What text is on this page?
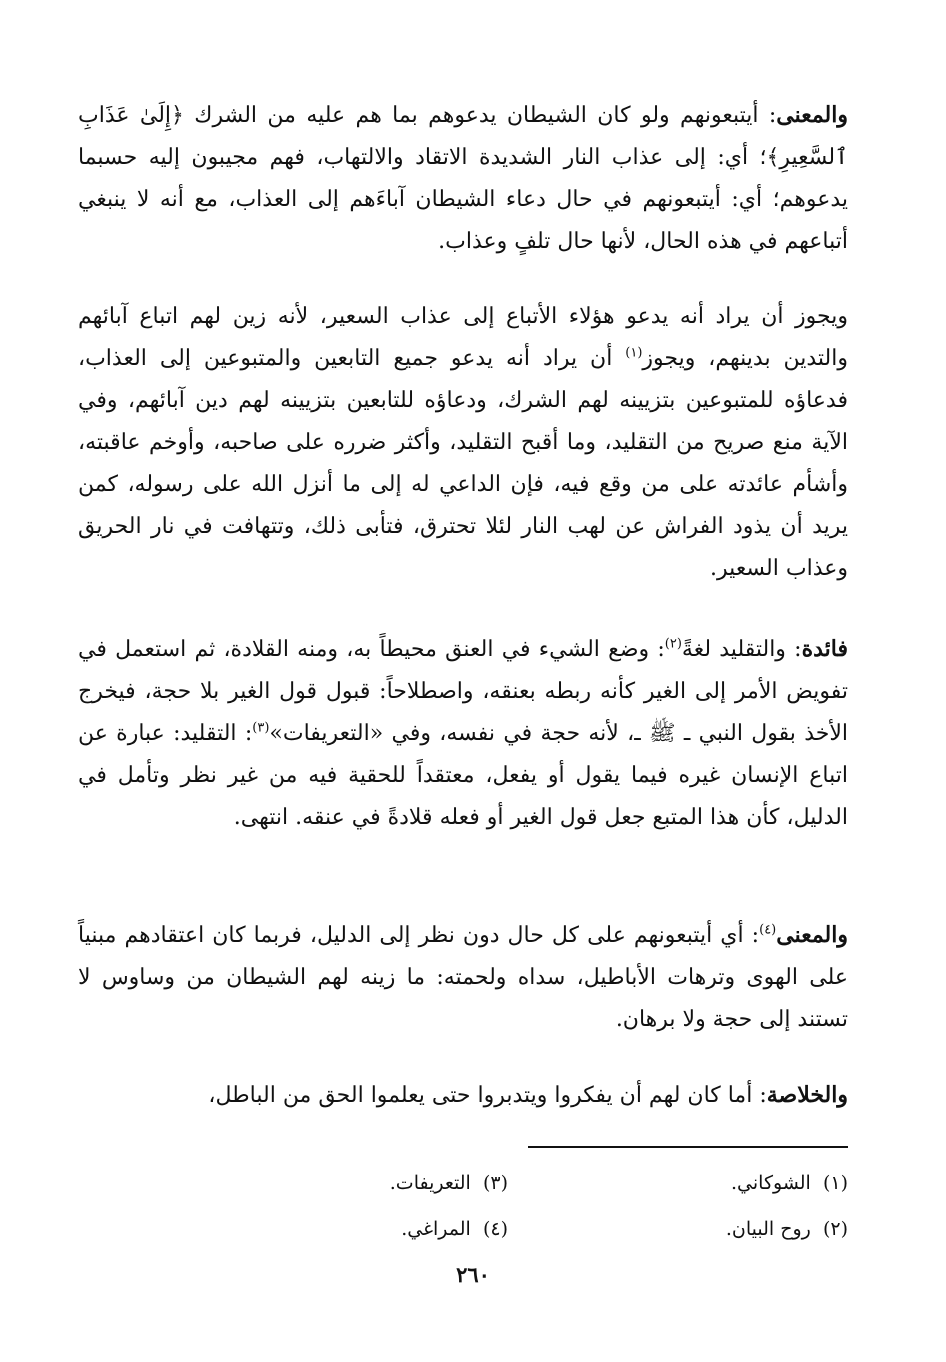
والمعنى: أيتبعونهم ولو كان الشيطان يدعوهم بما هم عليه من الشرك ﴿إِلَىٰ عَذَابِ ٱلسَّعِيرِ﴾؛ أي: إلى عذاب النار الشديدة الاتقاد والالتهاب، فهم مجيبون إليه حسبما يدعوهم؛ أي: أيتبعونهم في حال دعاء الشيطان آباءَهم إلى العذاب، مع أنه لا ينبغي أتباعهم في هذه الحال، لأنها حال تلفٍ وعذاب.

ويجوز أن يراد أنه يدعو هؤلاء الأتباع إلى عذاب السعير، لأنه زين لهم اتباع آبائهم والتدين بدينهم، ويجوز$^{(١)}$ أن يراد أنه يدعو جميع التابعين والمتبوعين إلى العذاب، فدعاؤه للمتبوعين بتزيينه لهم الشرك، ودعاؤه للتابعين بتزيينه لهم دين آبائهم، وفي الآية منع صريح من التقليد، وما أقبح التقليد، وأكثر ضرره على صاحبه، وأوخم عاقبته، وأشأم عائدته على من وقع فيه، فإن الداعي له إلى ما أنزل الله على رسوله، كمن يريد أن يذود الفراش عن لهب النار لئلا تحترق، فتأبى ذلك، وتتهافت في نار الحريق وعذاب السعير.

فائدة: والتقليد لغةً$^{(٢)}$: وضع الشيء في العنق محيطاً به، ومنه القلادة، ثم استعمل في تفويض الأمر إلى الغير كأنه ربطه بعنقه، واصطلاحاً: قبول قول الغير بلا حجة، فيخرج الأخذ بقول النبي ـ ﷺ ـ، لأنه حجة في نفسه، وفي «التعريفات»$^{(٣)}$: التقليد: عبارة عن اتباع الإنسان غيره فيما يقول أو يفعل، معتقداً للحقية فيه من غير نظر وتأمل في الدليل، كأن هذا المتبع جعل قول الغير أو فعله قلادةً في عنقه. انتهى.

والمعنى$^{(٤)}$: أي أيتبعونهم على كل حال دون نظر إلى الدليل، فربما كان اعتقادهم مبنياً على الهوى وترهات الأباطيل، سداه ولحمته: ما زينه لهم الشيطان من وساوس لا تستند إلى حجة ولا برهان.

والخلاصة: أما كان لهم أن يفكروا ويتدبروا حتى يعلموا الحق من الباطل،

(١)  الشوكاني.
(٣)  التعريفات.
(٢)  روح البيان.
(٤)  المراغي.
٢٦٠
